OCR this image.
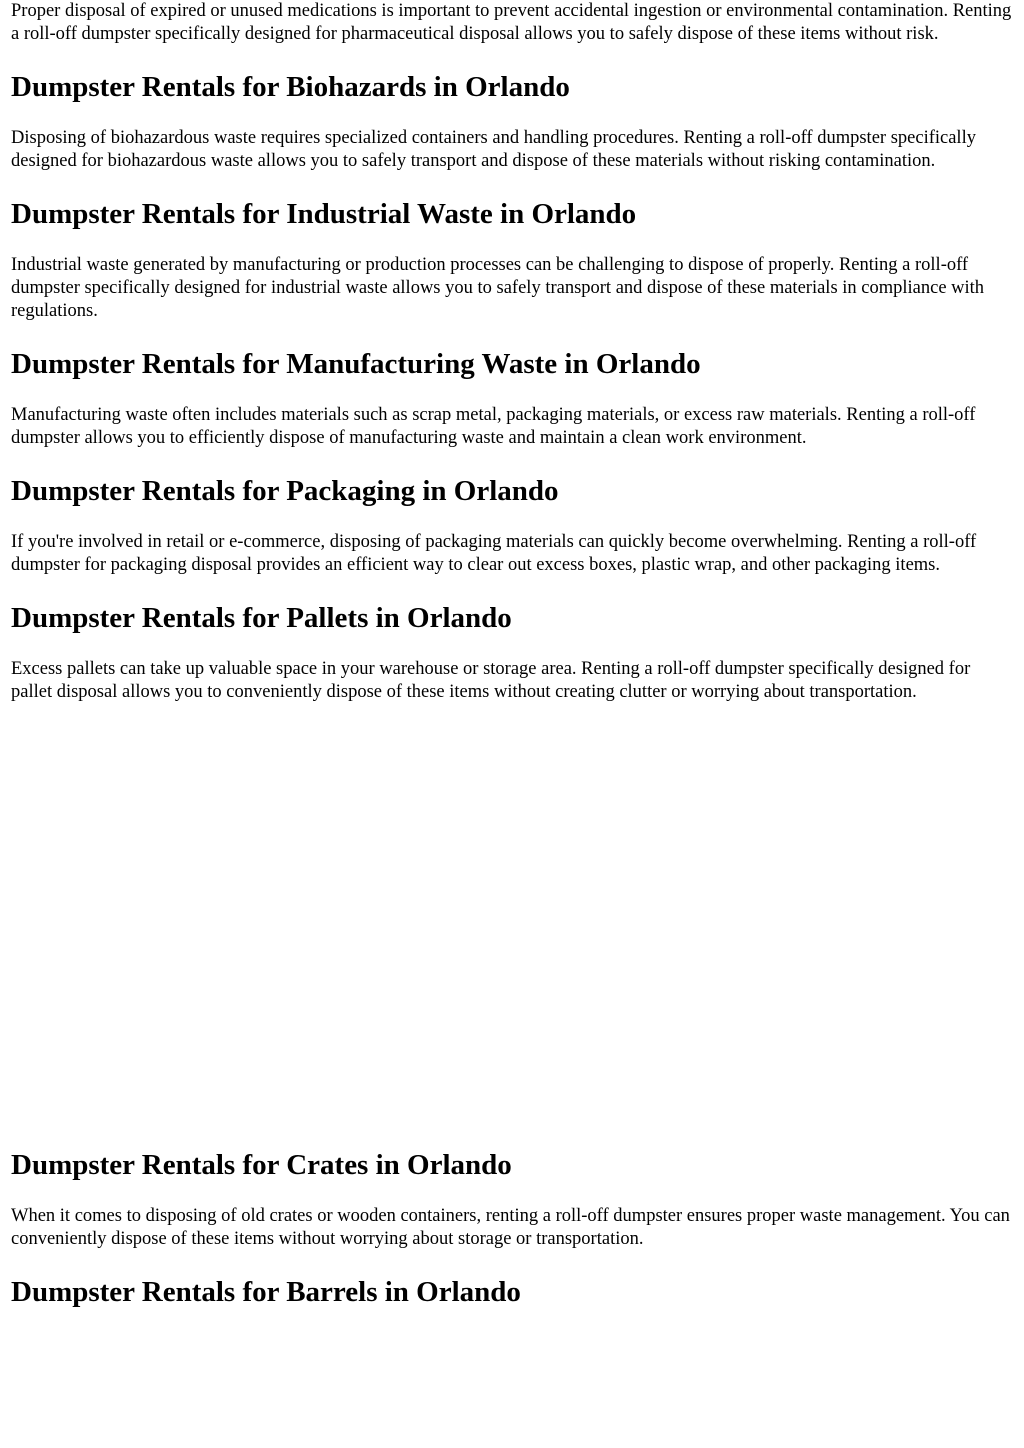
Proper disposal of expired or unused medications is important to prevent accidental ingestion or environmental contamination. Renting a roll-off dumpster specifically designed for pharmaceutical disposal allows you to safely dispose of these items without risk.

Dumpster Rentals for Biohazards in Orlando

Disposing of biohazardous waste requires specialized containers and handling procedures. Renting a roll-off dumpster specifically designed for biohazardous waste allows you to safely transport and dispose of these materials without risking contamination.

Dumpster Rentals for Industrial Waste in Orlando

Industrial waste generated by manufacturing or production processes can be challenging to dispose of properly. Renting a roll-off dumpster specifically designed for industrial waste allows you to safely transport and dispose of these materials in compliance with regulations.

Dumpster Rentals for Manufacturing Waste in Orlando

Manufacturing waste often includes materials such as scrap metal, packaging materials, or excess raw materials. Renting a roll-off dumpster allows you to efficiently dispose of manufacturing waste and maintain a clean work environment.

Dumpster Rentals for Packaging in Orlando

If you're involved in retail or e-commerce, disposing of packaging materials can quickly become overwhelming. Renting a roll-off dumpster for packaging disposal provides an efficient way to clear out excess boxes, plastic wrap, and other packaging items.

Dumpster Rentals for Pallets in Orlando

Excess pallets can take up valuable space in your warehouse or storage area. Renting a roll-off dumpster specifically designed for pallet disposal allows you to conveniently dispose of these items without creating clutter or worrying about transportation.

Dumpster Rentals for Crates in Orlando

When it comes to disposing of old crates or wooden containers, renting a roll-off dumpster ensures proper waste management. You can conveniently dispose of these items without worrying about storage or transportation.

Dumpster Rentals for Barrels in Orlando
